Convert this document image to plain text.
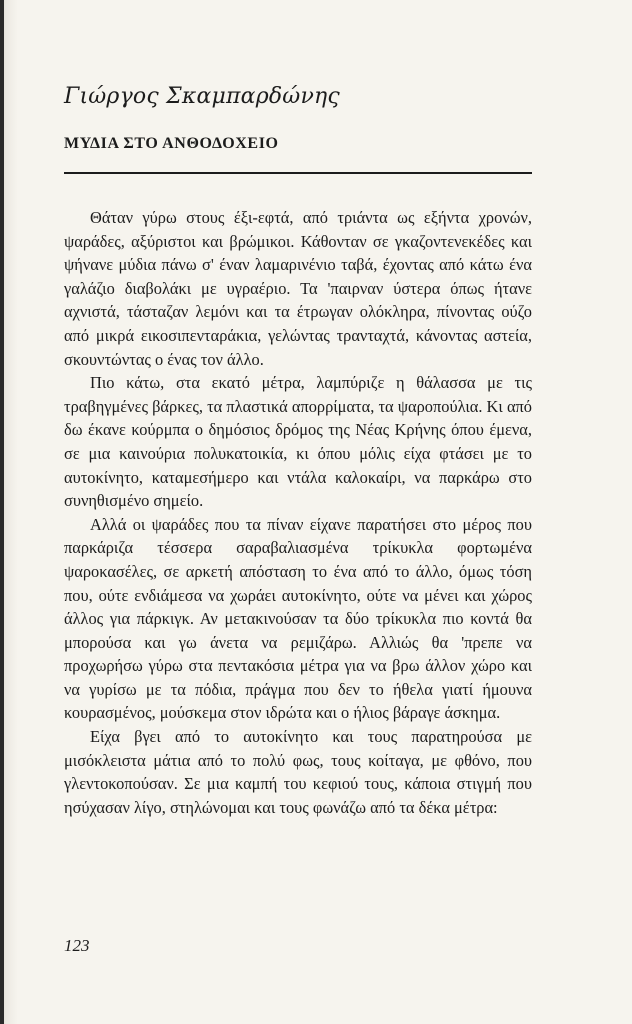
Γιώργος Σκαμπαρδώνης
ΜΥΔΙΑ ΣΤΟ ΑΝΘΟΔΟΧΕΙΟ

Θάταν γύρω στους έξι-εφτά, από τριάντα ως εξήντα χρονών, ψαράδες, αξύριστοι και βρώμικοι. Κάθονταν σε γκαζοντενεκέδες και ψήνανε μύδια πάνω σ' έναν λαμαρινένιο ταβά, έχοντας από κάτω ένα γαλάζιο διαβολάκι με υγραέριο. Τα 'παιρναν ύστερα όπως ήτανε αχνιστά, τάσταζαν λεμόνι και τα έτρωγαν ολόκληρα, πίνοντας ούζο από μικρά εικοσιπενταράκια, γελώντας τρανταχτά, κάνοντας αστεία, σκουντώντας ο ένας τον άλλο.

Πιο κάτω, στα εκατό μέτρα, λαμπύριζε η θάλασσα με τις τραβηγμένες βάρκες, τα πλαστικά απορρίματα, τα ψαροπούλια. Κι από δω έκανε κούρμπα ο δημόσιος δρόμος της Νέας Κρήνης όπου έμενα, σε μια καινούρια πολυκατοικία, κι όπου μόλις είχα φτάσει με το αυτοκίνητο, καταμεσήμερο και ντάλα καλοκαίρι, να παρκάρω στο συνηθισμένο σημείο.

Αλλά οι ψαράδες που τα πίναν είχανε παρατήσει στο μέρος που παρκάριζα τέσσερα σαραβαλιασμένα τρίκυκλα φορτωμένα ψαροκασέλες, σε αρκετή απόσταση το ένα από το άλλο, όμως τόση που, ούτε ενδιάμεσα να χωράει αυτοκίνητο, ούτε να μένει και χώρος άλλος για πάρκιγκ. Αν μετακινούσαν τα δύο τρίκυκλα πιο κοντά θα μπορούσα και γω άνετα να ρεμιζάρω. Αλλιώς θα 'πρεπε να προχωρήσω γύρω στα πεντακόσια μέτρα για να βρω άλλον χώρο και να γυρίσω με τα πόδια, πράγμα που δεν το ήθελα γιατί ήμουνα κουρασμένος, μούσκεμα στον ιδρώτα και ο ήλιος βάραγε άσκημα.

Είχα βγει από το αυτοκίνητο και τους παρατηρούσα με μισόκλειστα μάτια από το πολύ φως, τους κοίταγα, με φθόνο, που γλεντοκοπούσαν. Σε μια καμπή του κεφιού τους, κάποια στιγμή που ησύχασαν λίγο, στηλώνομαι και τους φωνάζω από τα δέκα μέτρα:

123
